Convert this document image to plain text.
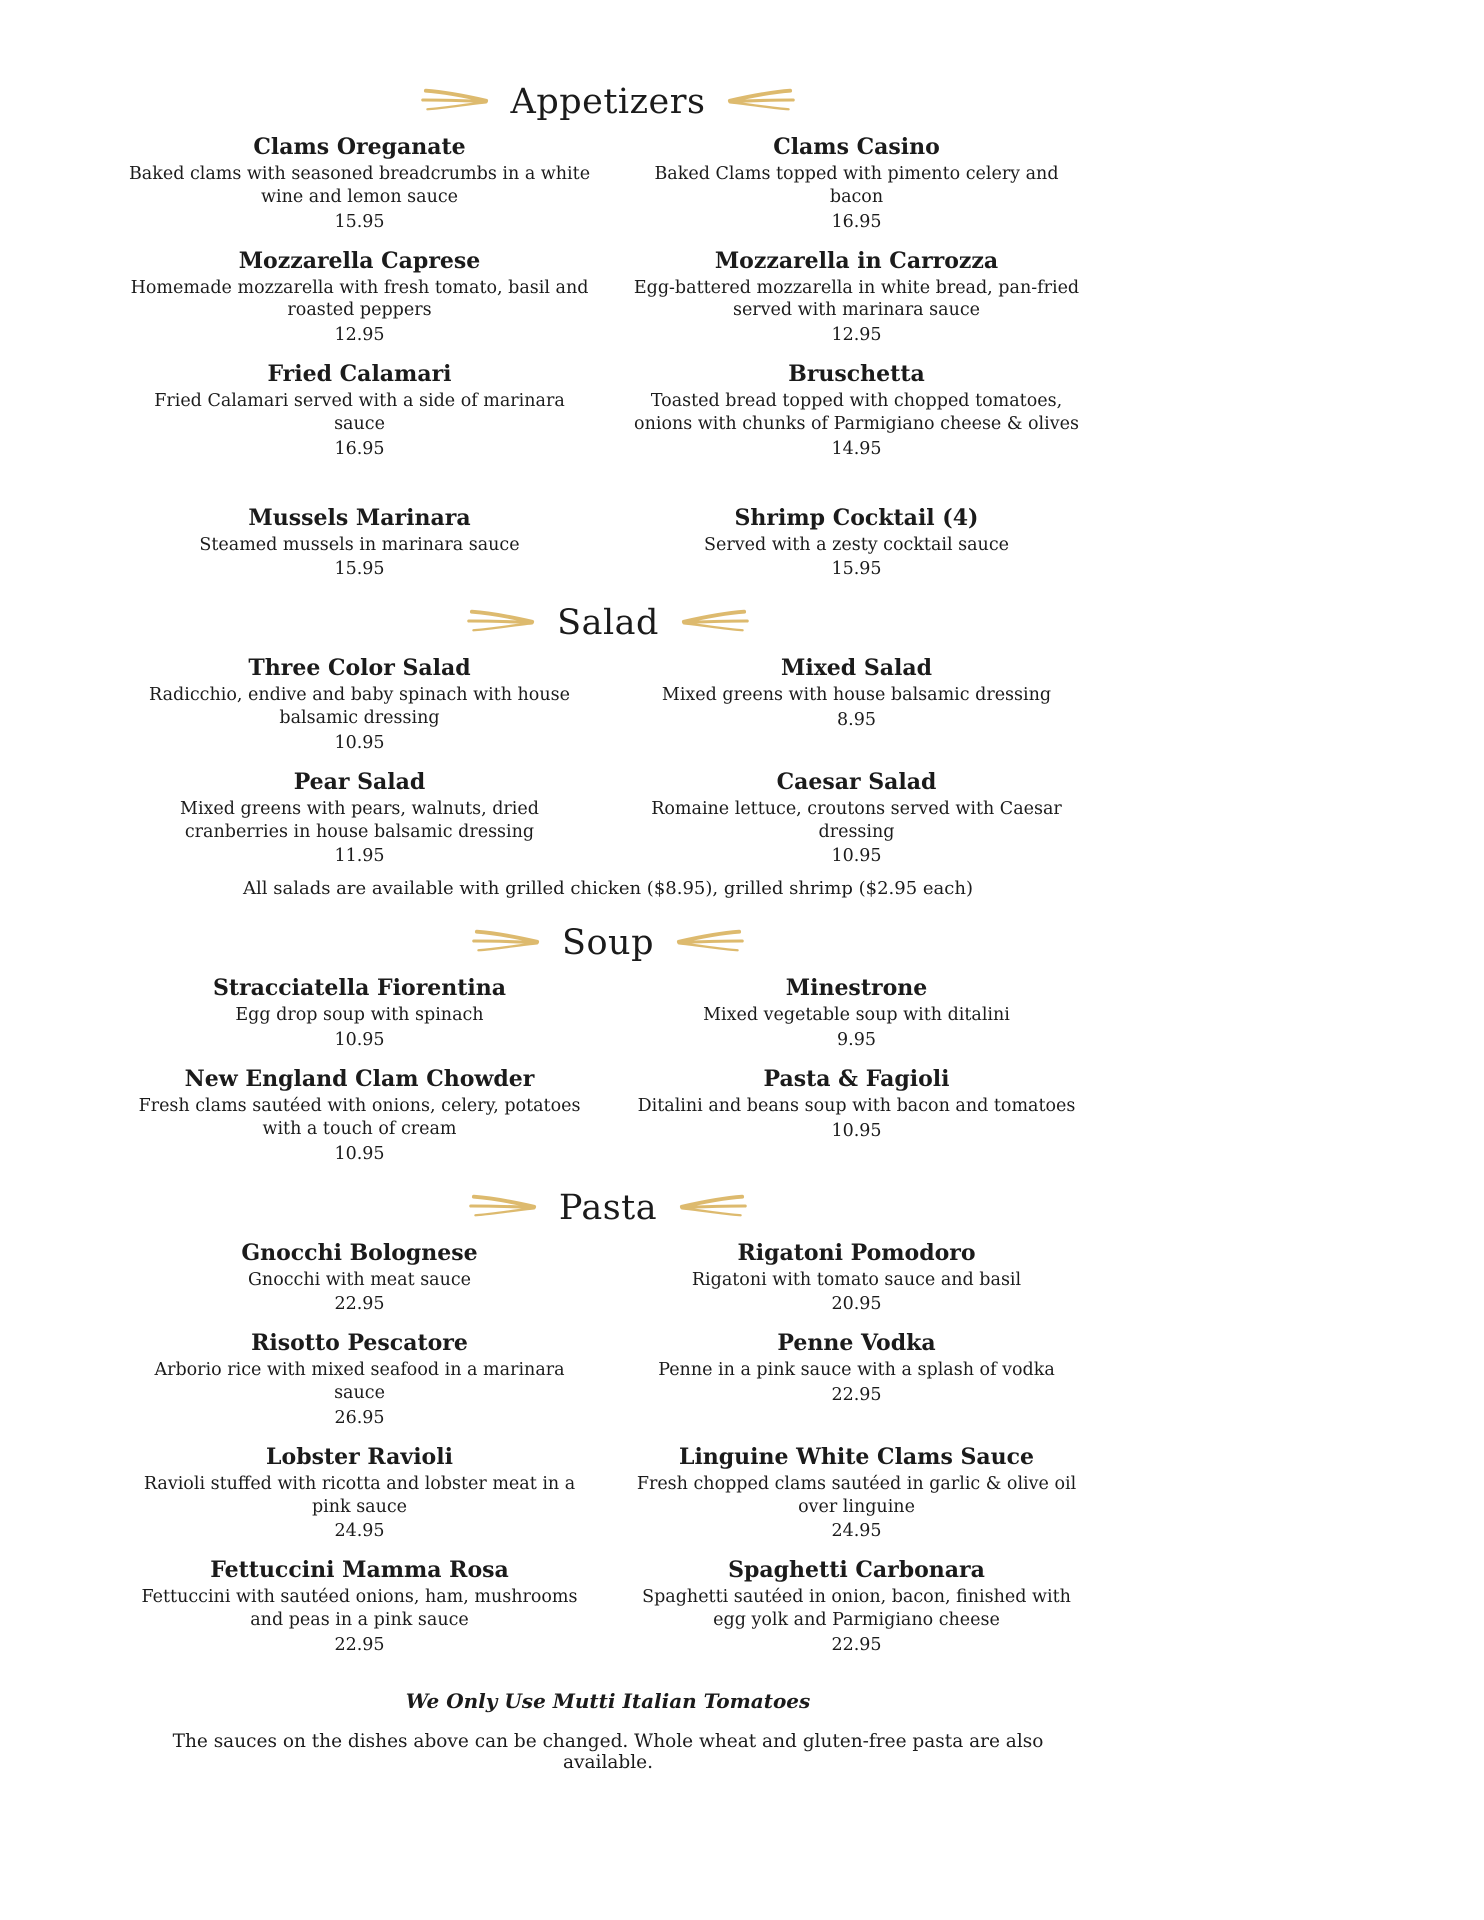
Appetizers
Clams Oreganate
Baked clams with seasoned breadcrumbs in a white wine and lemon sauce
15.95
Clams Casino
Baked Clams topped with pimento celery and bacon
16.95
Mozzarella Caprese
Homemade mozzarella with fresh tomato, basil and roasted peppers
12.95
Mozzarella in Carrozza
Egg-battered mozzarella in white bread, pan-fried served with marinara sauce
12.95
Fried Calamari
Fried Calamari served with a side of marinara sauce
16.95
Bruschetta
Toasted bread topped with chopped tomatoes, onions with chunks of Parmigiano cheese & olives
14.95
Mussels Marinara
Steamed mussels in marinara sauce
15.95
Shrimp Cocktail (4)
Served with a zesty cocktail sauce
15.95
Salad
Three Color Salad
Radicchio, endive and baby spinach with house balsamic dressing
10.95
Mixed Salad
Mixed greens with house balsamic dressing
8.95
Pear Salad
Mixed greens with pears, walnuts, dried cranberries in house balsamic dressing
11.95
Caesar Salad
Romaine lettuce, croutons served with Caesar dressing
10.95
All salads are available with grilled chicken ($8.95), grilled shrimp ($2.95 each)
Soup
Stracciatella Fiorentina
Egg drop soup with spinach
10.95
Minestrone
Mixed vegetable soup with ditalini
9.95
New England Clam Chowder
Fresh clams sautéed with onions, celery, potatoes with a touch of cream
10.95
Pasta & Fagioli
Ditalini and beans soup with bacon and tomatoes
10.95
Pasta
Gnocchi Bolognese
Gnocchi with meat sauce
22.95
Rigatoni Pomodoro
Rigatoni with tomato sauce and basil
20.95
Risotto Pescatore
Arborio rice with mixed seafood in a marinara sauce
26.95
Penne Vodka
Penne in a pink sauce with a splash of vodka
22.95
Lobster Ravioli
Ravioli stuffed with ricotta and lobster meat in a pink sauce
24.95
Linguine White Clams Sauce
Fresh chopped clams sautéed in garlic & olive oil over linguine
24.95
Fettuccini Mamma Rosa
Fettuccini with sautéed onions, ham, mushrooms and peas in a pink sauce
22.95
Spaghetti Carbonara
Spaghetti sautéed in onion, bacon, finished with egg yolk and Parmigiano cheese
22.95
We Only Use Mutti Italian Tomatoes
The sauces on the dishes above can be changed. Whole wheat and gluten-free pasta are also available.
